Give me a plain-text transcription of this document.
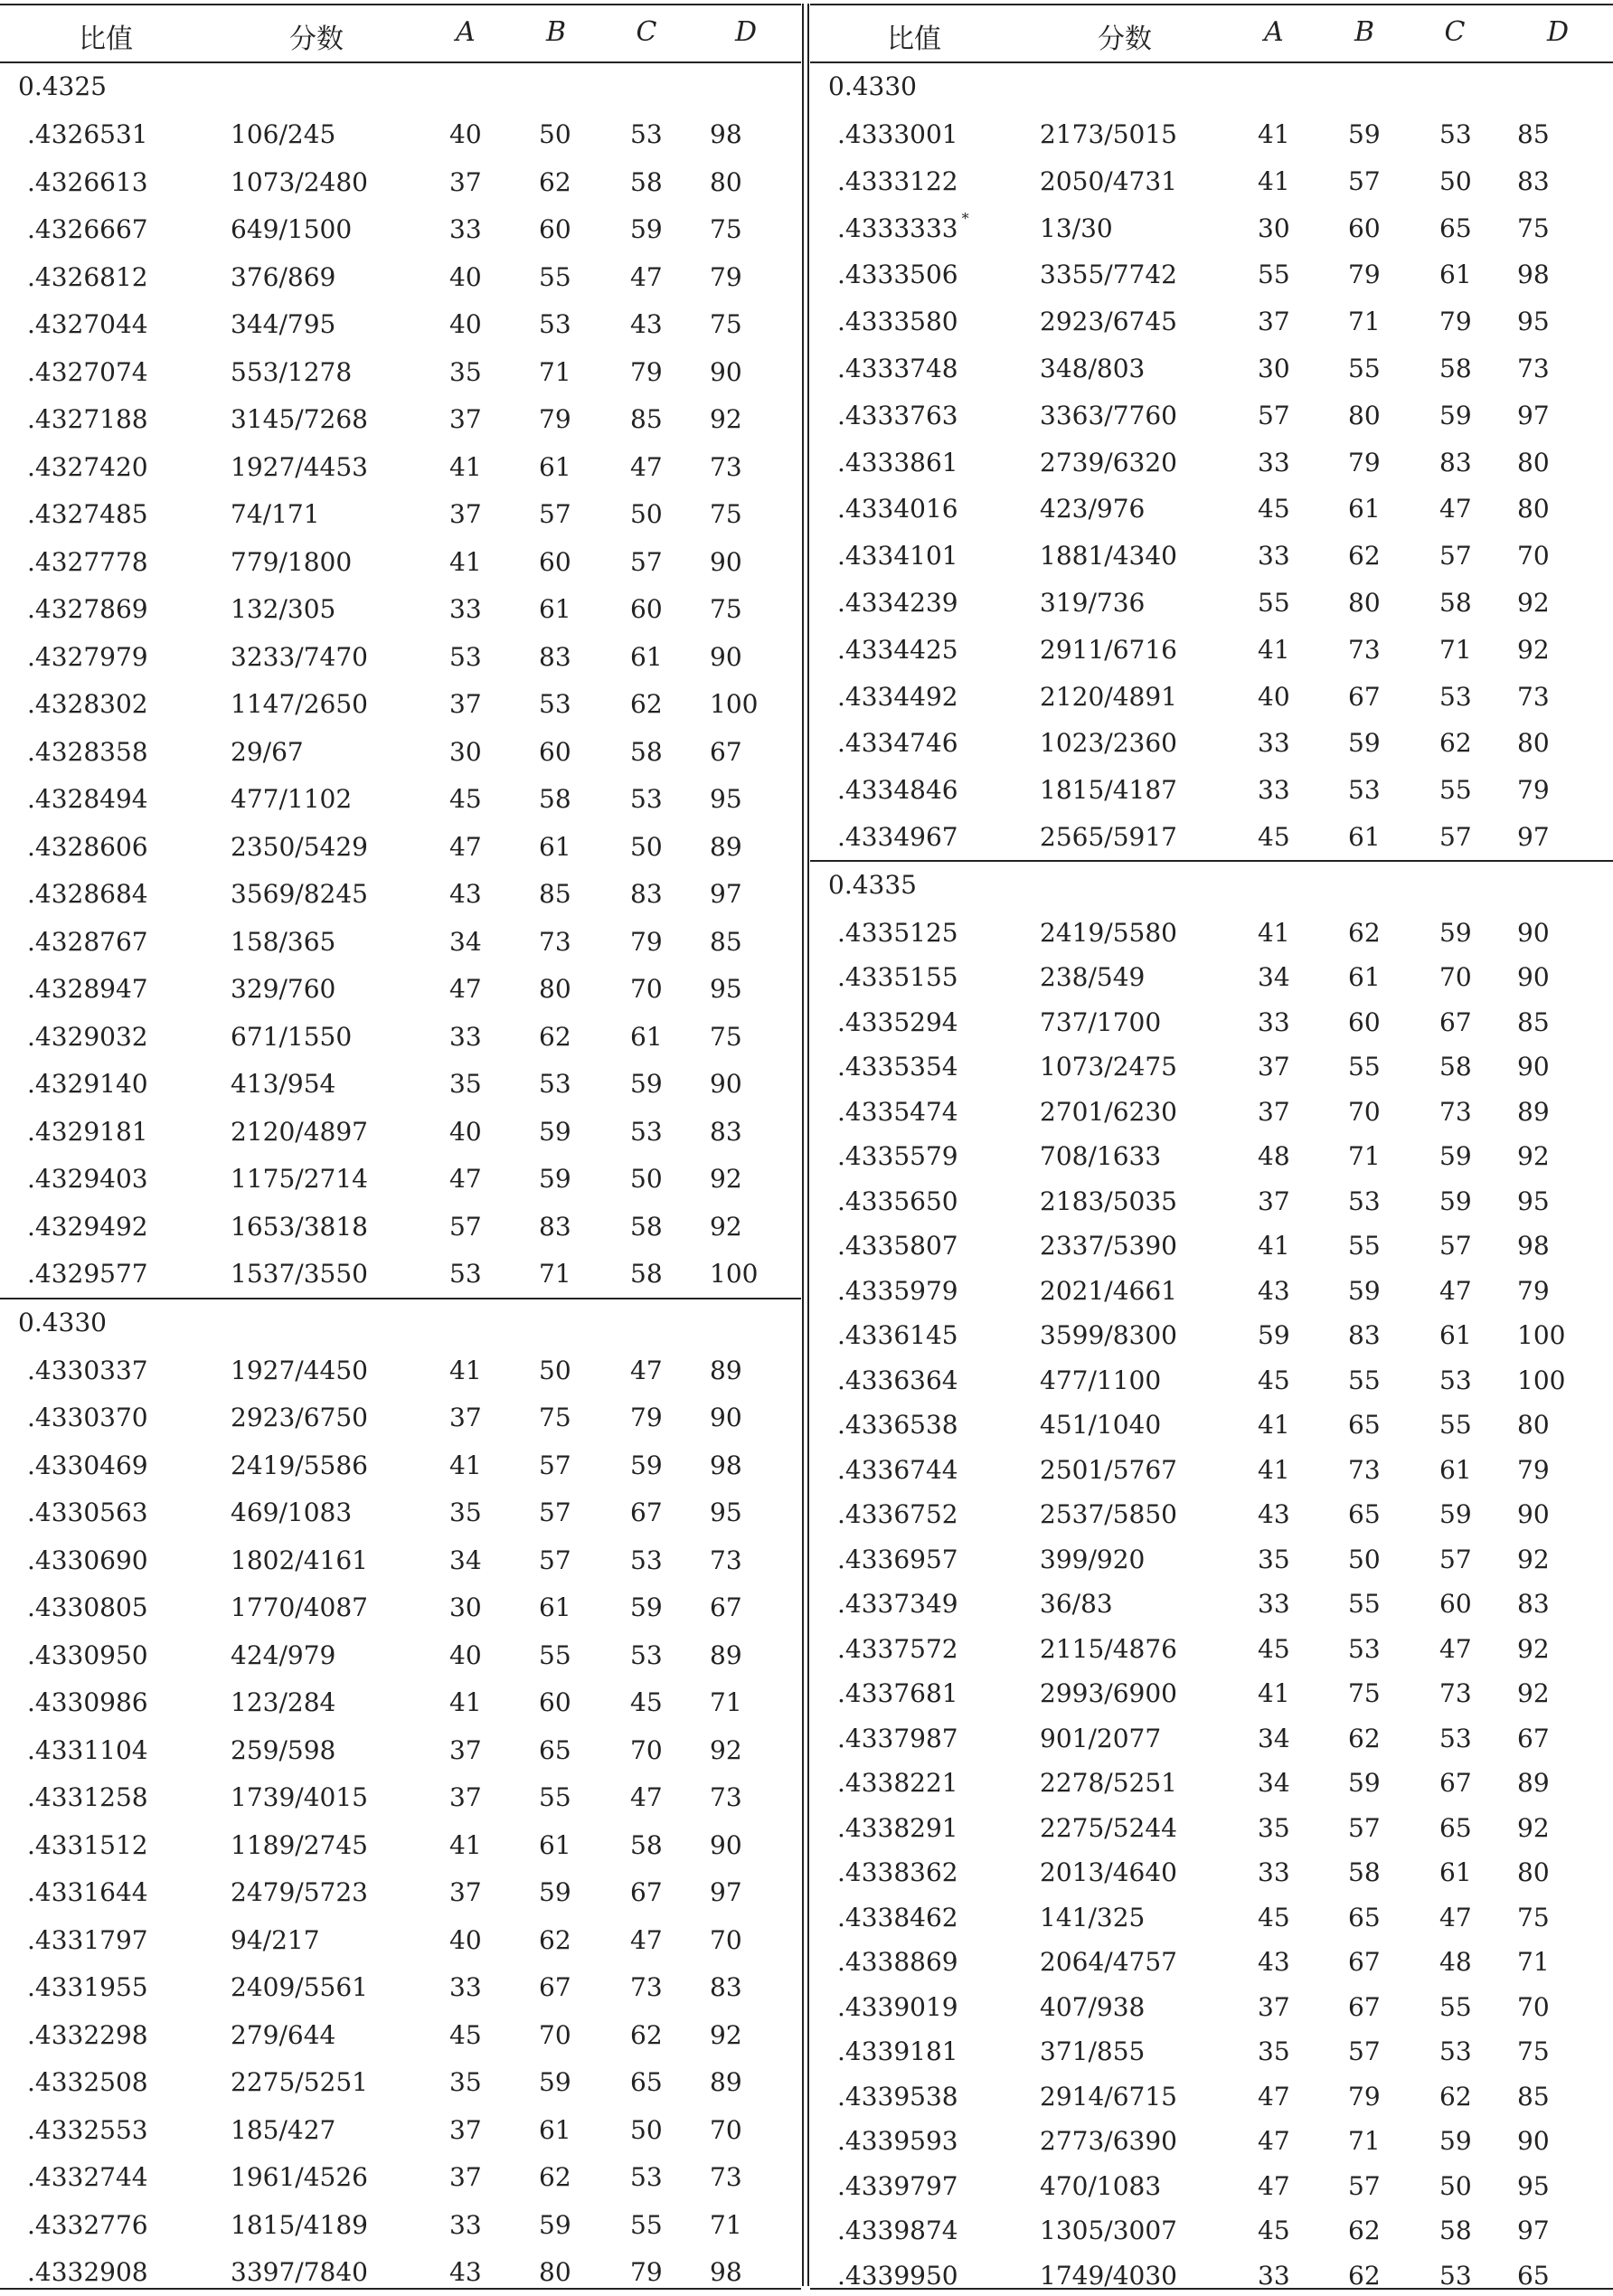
比值	分数	A	B	C	D
0.4325
.4326531	106/245	40 50 53 98
.4326613	1073/2480	37 62 58 80
.4326667	649/1500	33 60 59 75
.4326812	376/869	40 55 47 79
.4327044	344/795	40 53 43 75
.4327074	553/1278	35 71 79 90
.4327188	3145/7268	37 79 85 92
.4327420	1927/4453	41 61 47 73
.4327485	74/171	37 57 50 75
.4327778	779/1800	41 60 57 90
.4327869	132/305	33 61 60 75
.4327979	3233/7470	53 83 61 90
.4328302	1147/2650	37 53 62 100
.4328358	29/67	30 60 58 67
.4328494	477/1102	45 58 53 95
.4328606	2350/5429	47 61 50 89
.4328684	3569/8245	43 85 83 97
.4328767	158/365	34 73 79 85
.4328947	329/760	47 80 70 95
.4329032	671/1550	33 62 61 75
.4329140	413/954	35 53 59 90
.4329181	2120/4897	40 59 53 83
.4329403	1175/2714	47 59 50 92
.4329492	1653/3818	57 83 58 92
.4329577	1537/3550	53 71 58 100
0.4330
.4330337	1927/4450	41 50 47 89
.4330370	2923/6750	37 75 79 90
.4330469	2419/5586	41 57 59 98
.4330563	469/1083	35 57 67 95
.4330690	1802/4161	34 57 53 73
.4330805	1770/4087	30 61 59 67
.4330950	424/979	40 55 53 89
.4330986	123/284	41 60 45 71
.4331104	259/598	37 65 70 92
.4331258	1739/4015	37 55 47 73
.4331512	1189/2745	41 61 58 90
.4331644	2479/5723	37 59 67 97
.4331797	94/217	40 62 47 70
.4331955	2409/5561	33 67 73 83
.4332298	279/644	45 70 62 92
.4332508	2275/5251	35 59 65 89
.4332553	185/427	37 61 50 70
.4332744	1961/4526	37 62 53 73
.4332776	1815/4189	33 59 55 71
.4332908	3397/7840	43 80 79 98
比值	分数	A	B	C	D
0.4330
.4333001	2173/5015	41 59 53 85
.4333122	2050/4731	41 57 50 83
.4333333 *	13/30	30 60 65 75
.4333506	3355/7742	55 79 61 98
.4333580	2923/6745	37 71 79 95
.4333748	348/803	30 55 58 73
.4333763	3363/7760	57 80 59 97
.4333861	2739/6320	33 79 83 80
.4334016	423/976	45 61 47 80
.4334101	1881/4340	33 62 57 70
.4334239	319/736	55 80 58 92
.4334425	2911/6716	41 73 71 92
.4334492	2120/4891	40 67 53 73
.4334746	1023/2360	33 59 62 80
.4334846	1815/4187	33 53 55 79
.4334967	2565/5917	45 61 57 97
0.4335
.4335125	2419/5580	41 62 59 90
.4335155	238/549	34 61 70 90
.4335294	737/1700	33 60 67 85
.4335354	1073/2475	37 55 58 90
.4335474	2701/6230	37 70 73 89
.4335579	708/1633	48 71 59 92
.4335650	2183/5035	37 53 59 95
.4335807	2337/5390	41 55 57 98
.4335979	2021/4661	43 59 47 79
.4336145	3599/8300	59 83 61 100
.4336364	477/1100	45 55 53 100
.4336538	451/1040	41 65 55 80
.4336744	2501/5767	41 73 61 79
.4336752	2537/5850	43 65 59 90
.4336957	399/920	35 50 57 92
.4337349	36/83	33 55 60 83
.4337572	2115/4876	45 53 47 92
.4337681	2993/6900	41 75 73 92
.4337987	901/2077	34 62 53 67
.4338221	2278/5251	34 59 67 89
.4338291	2275/5244	35 57 65 92
.4338362	2013/4640	33 58 61 80
.4338462	141/325	45 65 47 75
.4338869	2064/4757	43 67 48 71
.4339019	407/938	37 67 55 70
.4339181	371/855	35 57 53 75
.4339538	2914/6715	47 79 62 85
.4339593	2773/6390	47 71 59 90
.4339797	470/1083	47 57 50 95
.4339874	1305/3007	45 62 58 97
.4339950	1749/4030	33 62 53 65
